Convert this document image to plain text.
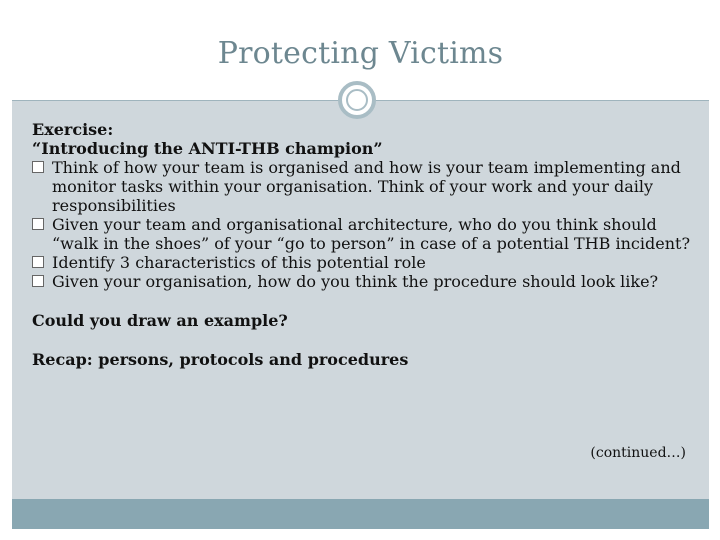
Protecting Victims

Exercise:

“Introducing the ANTI-THB champion”

Think of how your team is organised and how is your team implementing and monitor tasks within your organisation. Think of your work and your daily responsibilities
Given your team and organisational architecture, who do you think should “walk in the shoes” of your “go to person” in case of a potential THB incident?
Identify 3 characteristics of this potential role
Given your organisation, how do you think the procedure should look like?

Could you draw an example?

Recap: persons, protocols and procedures

(continued…)
